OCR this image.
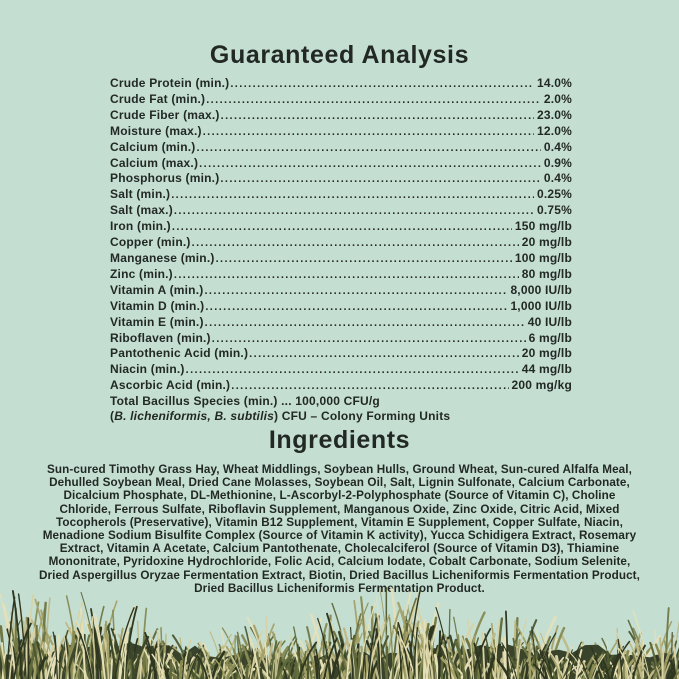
Guaranteed Analysis
Crude Protein (min.) .....	14.0%
Crude Fat (min.) .....	2.0%
Crude Fiber (max.) .....	23.0%
Moisture (max.) .....	12.0%
Calcium (min.) .....	0.4%
Calcium (max.) .....	0.9%
Phosphorus (min.) .....	0.4%
Salt (min.) .....	0.25%
Salt (max.) .....	0.75%
Iron (min.) .....	150 mg/lb
Copper (min.) .....	20 mg/lb
Manganese (min.) .....	100 mg/lb
Zinc (min.) .....	80 mg/lb
Vitamin A (min.) .....	8,000 IU/lb
Vitamin D (min.) .....	1,000 IU/lb
Vitamin E (min.) .....	40 IU/lb
Riboflaven (min.) .....	6 mg/lb
Pantothenic Acid (min.) .....	20 mg/lb
Niacin (min.) .....	44 mg/lb
Ascorbic Acid (min.) .....	200 mg/kg
Total Bacillus Species (min.) ... 100,000 CFU/g
(B. licheniformis, B. subtilis) CFU – Colony Forming Units
Ingredients

Sun-cured Timothy Grass Hay, Wheat Middlings, Soybean Hulls, Ground Wheat, Sun-cured Alfalfa Meal, Dehulled Soybean Meal, Dried Cane Molasses, Soybean Oil, Salt, Lignin Sulfonate, Calcium Carbonate, Dicalcium Phosphate, DL-Methionine, L-Ascorbyl-2-Polyphosphate (Source of Vitamin C), Choline Chloride, Ferrous Sulfate, Riboflavin Supplement, Manganous Oxide, Zinc Oxide, Citric Acid, Mixed Tocopherols (Preservative), Vitamin B12 Supplement, Vitamin E Supplement, Copper Sulfate, Niacin, Menadione Sodium Bisulfite Complex (Source of Vitamin K activity), Yucca Schidigera Extract, Rosemary Extract, Vitamin A Acetate, Calcium Pantothenate, Cholecalciferol (Source of Vitamin D3), Thiamine Mononitrate, Pyridoxine Hydrochloride, Folic Acid, Calcium Iodate, Cobalt Carbonate, Sodium Selenite, Dried Aspergillus Oryzae Fermentation Extract, Biotin, Dried Bacillus Licheniformis Fermentation Product, Dried Bacillus Licheniformis Fermentation Product.
